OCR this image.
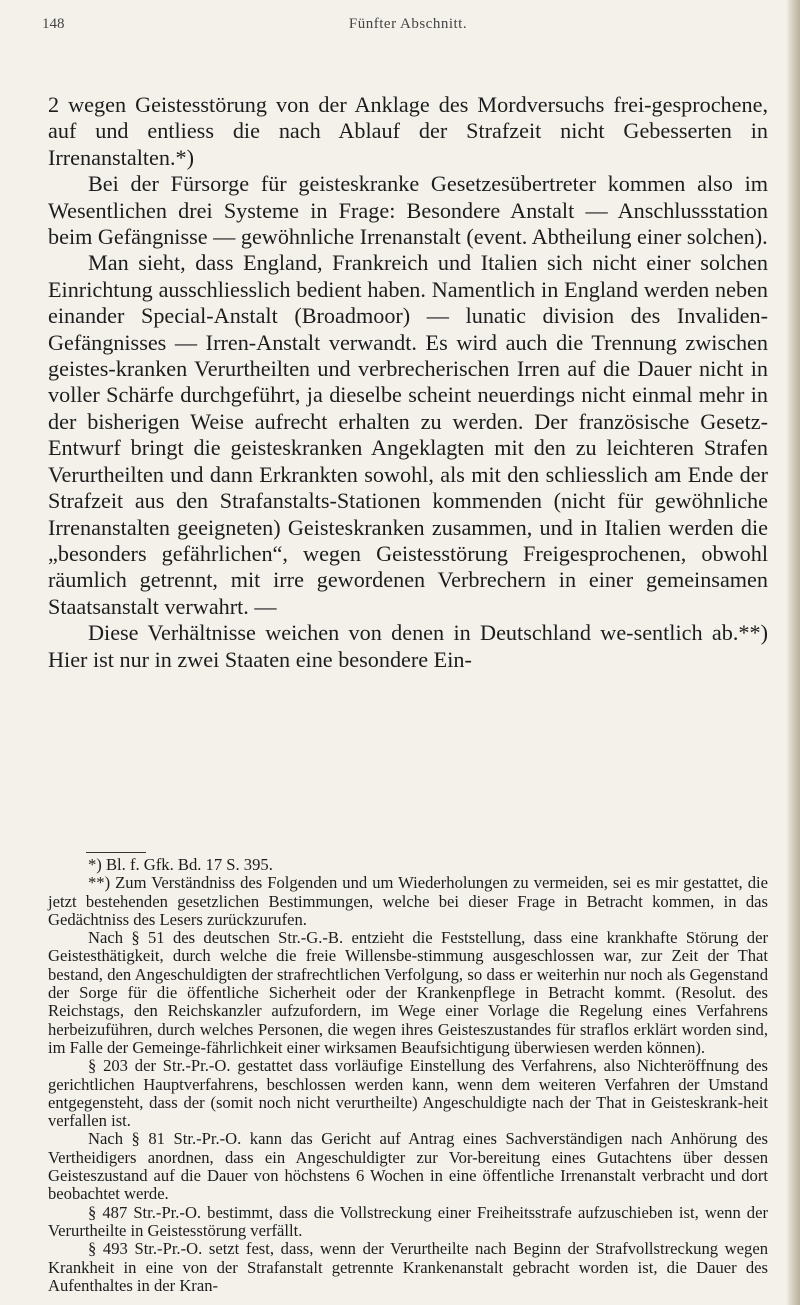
148	Fünfter Abschnitt.

2 wegen Geistesstörung von der Anklage des Mordversuchs frei-gesprochene, auf und entliess die nach Ablauf der Strafzeit nicht Gebesserten in Irrenanstalten.*)

Bei der Fürsorge für geisteskranke Gesetzesübertreter kommen also im Wesentlichen drei Systeme in Frage: Besondere Anstalt — Anschlussstation beim Gefängnisse — gewöhnliche Irrenanstalt (event. Abtheilung einer solchen).

Man sieht, dass England, Frankreich und Italien sich nicht einer solchen Einrichtung ausschliesslich bedient haben. Namentlich in England werden neben einander Special-Anstalt (Broadmoor) — lunatic division des Invaliden-Gefängnisses — Irren-Anstalt verwandt. Es wird auch die Trennung zwischen geistes-kranken Verurtheilten und verbrecherischen Irren auf die Dauer nicht in voller Schärfe durchgeführt, ja dieselbe scheint neuerdings nicht einmal mehr in der bisherigen Weise aufrecht erhalten zu werden. Der französische Gesetz-Entwurf bringt die geisteskranken Angeklagten mit den zu leichteren Strafen Verurtheilten und dann Erkrankten sowohl, als mit den schliesslich am Ende der Strafzeit aus den Strafanstalts-Stationen kommenden (nicht für gewöhnliche Irrenanstalten geeigneten) Geisteskranken zusammen, und in Italien werden die „besonders gefährlichen“, wegen Geistesstörung Freigesprochenen, obwohl räumlich getrennt, mit irre gewordenen Verbrechern in einer gemeinsamen Staatsanstalt verwahrt. —

Diese Verhältnisse weichen von denen in Deutschland we-sentlich ab.**) Hier ist nur in zwei Staaten eine besondere Ein-

*) Bl. f. Gfk. Bd. 17 S. 395.

**) Zum Verständniss des Folgenden und um Wiederholungen zu vermeiden, sei es mir gestattet, die jetzt bestehenden gesetzlichen Bestimmungen, welche bei dieser Frage in Betracht kommen, in das Gedächtniss des Lesers zurückzurufen.

Nach § 51 des deutschen Str.-G.-B. entzieht die Feststellung, dass eine krankhafte Störung der Geistesthätigkeit, durch welche die freie Willensbe-stimmung ausgeschlossen war, zur Zeit der That bestand, den Angeschuldigten der strafrechtlichen Verfolgung, so dass er weiterhin nur noch als Gegenstand der Sorge für die öffentliche Sicherheit oder der Krankenpflege in Betracht kommt. (Resolut. des Reichstags, den Reichskanzler aufzufordern, im Wege einer Vorlage die Regelung eines Verfahrens herbeizuführen, durch welches Personen, die wegen ihres Geisteszustandes für straflos erklärt worden sind, im Falle der Gemeinge-fährlichkeit einer wirksamen Beaufsichtigung überwiesen werden können).

§ 203 der Str.-Pr.-O. gestattet dass vorläufige Einstellung des Verfahrens, also Nichteröffnung des gerichtlichen Hauptverfahrens, beschlossen werden kann, wenn dem weiteren Verfahren der Umstand entgegensteht, dass der (somit noch nicht verurtheilte) Angeschuldigte nach der That in Geisteskrank-heit verfallen ist.

Nach § 81 Str.-Pr.-O. kann das Gericht auf Antrag eines Sachverständigen nach Anhörung des Vertheidigers anordnen, dass ein Angeschuldigter zur Vor-bereitung eines Gutachtens über dessen Geisteszustand auf die Dauer von höchstens 6 Wochen in eine öffentliche Irrenanstalt verbracht und dort beobachtet werde.

§ 487 Str.-Pr.-O. bestimmt, dass die Vollstreckung einer Freiheitsstrafe aufzuschieben ist, wenn der Verurtheilte in Geistesstörung verfällt.

§ 493 Str.-Pr.-O. setzt fest, dass, wenn der Verurtheilte nach Beginn der Strafvollstreckung wegen Krankheit in eine von der Strafanstalt getrennte Krankenanstalt gebracht worden ist, die Dauer des Aufenthaltes in der Kran-
